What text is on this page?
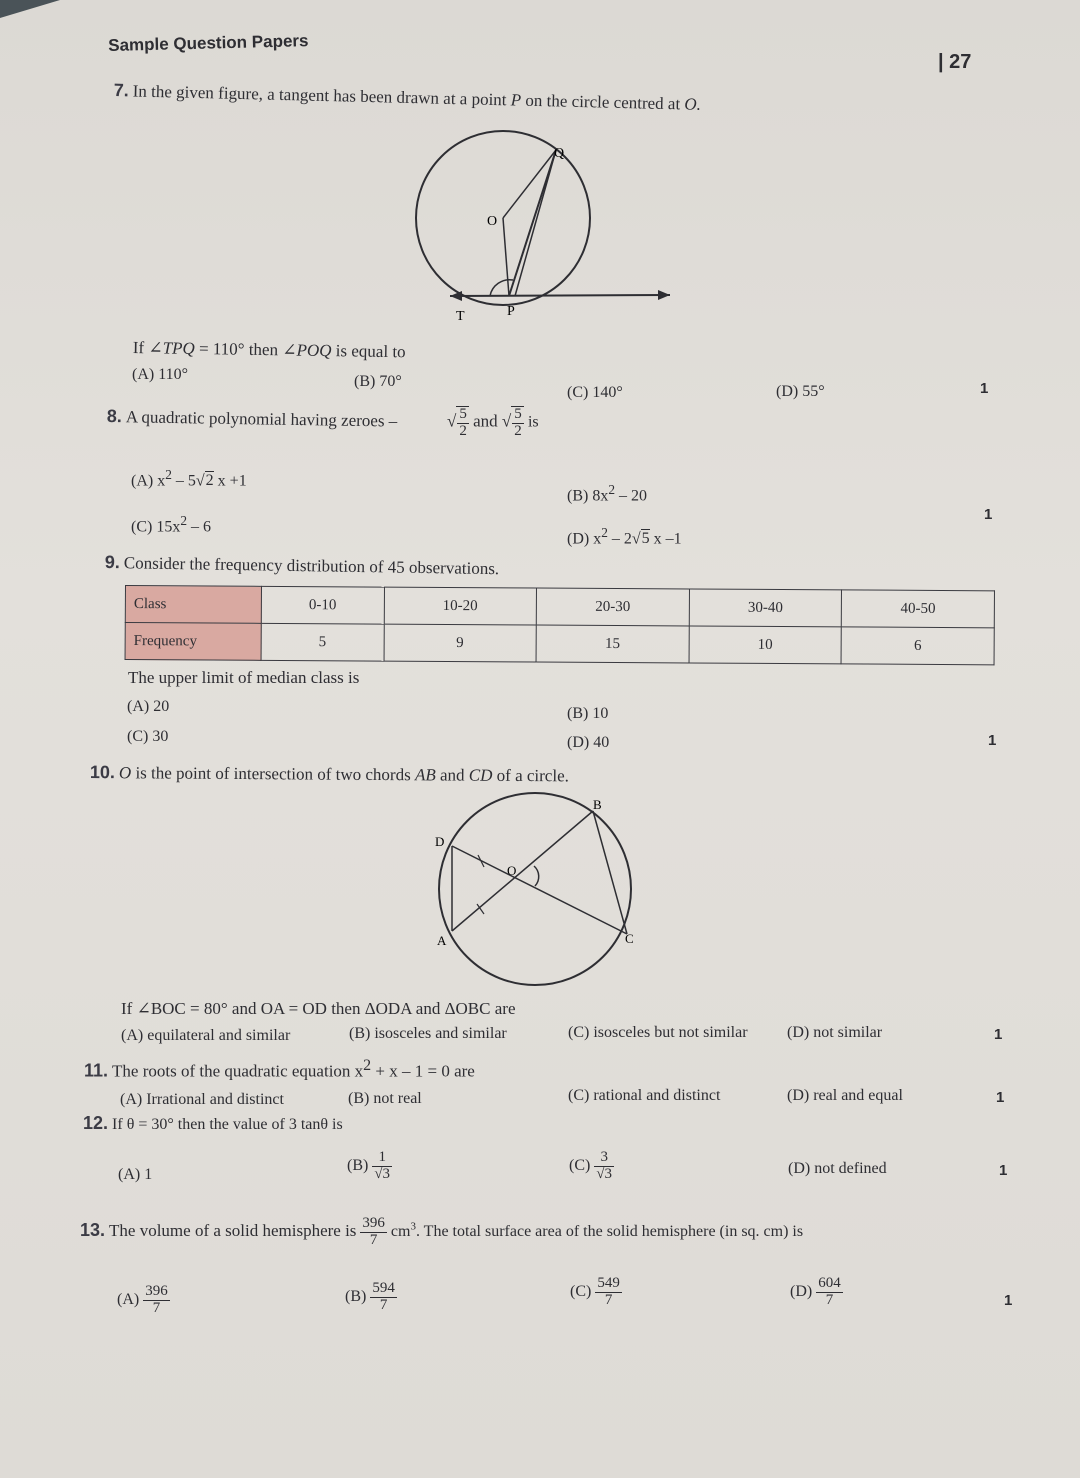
Sample Question Papers
| 27
7. In the given figure, a tangent has been drawn at a point P on the circle centred at O.
Q
O
T	P
If ∠TPQ = 110° then ∠POQ is equal to
(A) 110°	(B) 70°
(C) 140°	(D) 55°	1
8. A quadratic polynomial having zeroes –	√ $\frac{5}{2}$ and √ $\frac{5}{2}$ is
(A) $x^2 - 5√2$ x +1
(B) $8x^2 - 20$
(C) $15x^2 - 6$
(D) $x^2 - 2√5$ x –1
1
9. Consider the frequency distribution of 45 observations.
Class	0-10	10-20	20-30	30-40	40-50
Frequency	5	9	15	10	6
The upper limit of median class is
(A) 20	(B) 10
(C) 30	(D) 40	1
10. O is the point of intersection of two chords AB and CD of a circle.
B
D
O
A	C
If ∠BOC = 80° and OA = OD then ΔODA and ΔOBC are
(A) equilateral and similar	(B) isosceles and similar	(C) isosceles but not similar (D) not similar	1
11. The roots of the quadratic equation $x^2 + x - 1 = 0$ are
(A) Irrational and distinct	(B) not real	(C) rational and distinct	(D) real and equal	1
12. If θ = 30° then the value of 3 tanθ is
(A) 1
$(B) \frac{1}{√3}$	$(C) \frac{3}{√3}$	(D) not defined	1
13. The volume of a solid hemisphere is $\frac{396}{7} cm^3$. The total surface area of the solid hemisphere (in sq. cm) is
$(A) \frac{396}{7}$	$(B) \frac{594}{7}$	$(C) \frac{549}{7}$	$(D) \frac{604}{7}$	1
